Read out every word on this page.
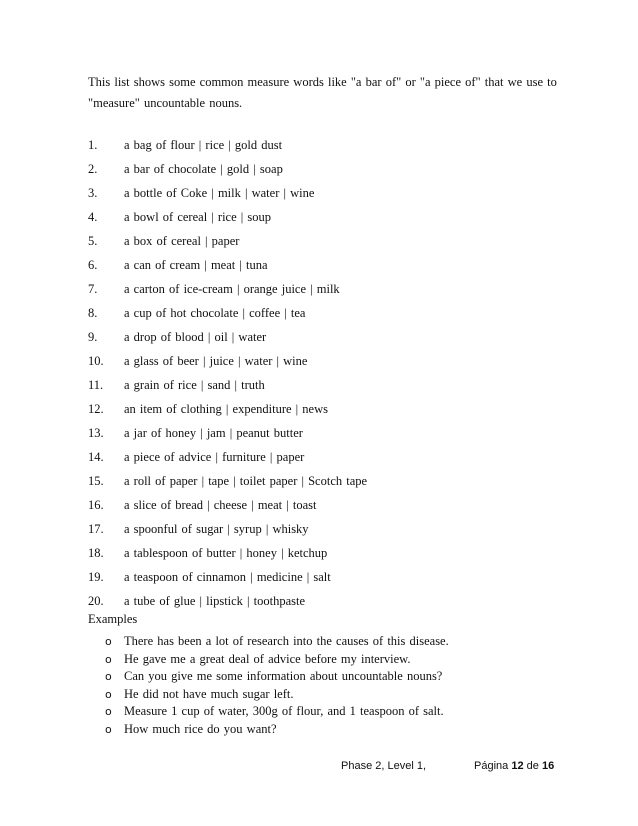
This list shows some common measure words like "a bar of" or "a piece of" that we use to
"measure" uncountable nouns.
1.	a bag of flour | rice | gold dust
2.	a bar of chocolate | gold | soap
3.	a bottle of Coke | milk | water | wine
4.	a bowl of cereal | rice | soup
5.	a box of cereal | paper
6.	a can of cream | meat | tuna
7.	a carton of ice-cream | orange juice | milk
8.	a cup of hot chocolate | coffee | tea
9.	a drop of blood | oil | water
10.	a glass of beer | juice | water | wine
11.	a grain of rice | sand | truth
12.	an item of clothing | expenditure | news
13.	a jar of honey | jam | peanut butter
14.	a piece of advice | furniture | paper
15.	a roll of paper | tape | toilet paper | Scotch tape
16.	a slice of bread | cheese | meat | toast
17.	a spoonful of sugar | syrup | whisky
18.	a tablespoon of butter | honey | ketchup
19.	a teaspoon of cinnamon | medicine | salt
20.	a tube of glue | lipstick | toothpaste
Examples
o There has been a lot of research into the causes of this disease.
o He gave me a great deal of advice before my interview.
o Can you give me some information about uncountable nouns?
o He did not have much sugar left.
o Measure 1 cup of water, 300g of flour, and 1 teaspoon of salt.
o How much rice do you want?
Phase 2, Level 1,	Página 12 de 16
